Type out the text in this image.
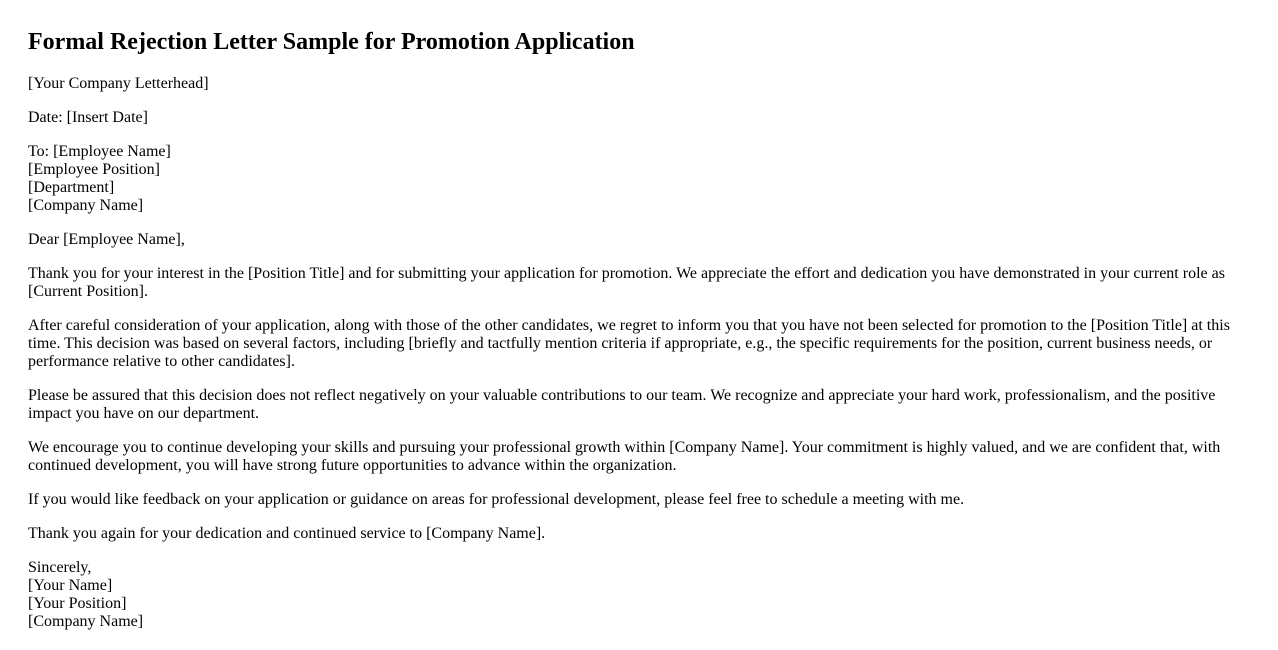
Formal Rejection Letter Sample for Promotion Application

[Your Company Letterhead]

Date: [Insert Date]

To: [Employee Name]
[Employee Position]
[Department]
[Company Name]

Dear [Employee Name],

Thank you for your interest in the [Position Title] and for submitting your application for promotion. We appreciate the effort and dedication you have demonstrated in your current role as [Current Position].

After careful consideration of your application, along with those of the other candidates, we regret to inform you that you have not been selected for promotion to the [Position Title] at this time. This decision was based on several factors, including [briefly and tactfully mention criteria if appropriate, e.g., the specific requirements for the position, current business needs, or performance relative to other candidates].

Please be assured that this decision does not reflect negatively on your valuable contributions to our team. We recognize and appreciate your hard work, professionalism, and the positive impact you have on our department.

We encourage you to continue developing your skills and pursuing your professional growth within [Company Name]. Your commitment is highly valued, and we are confident that, with continued development, you will have strong future opportunities to advance within the organization.

If you would like feedback on your application or guidance on areas for professional development, please feel free to schedule a meeting with me.

Thank you again for your dedication and continued service to [Company Name].

Sincerely,
[Your Name]
[Your Position]
[Company Name]
